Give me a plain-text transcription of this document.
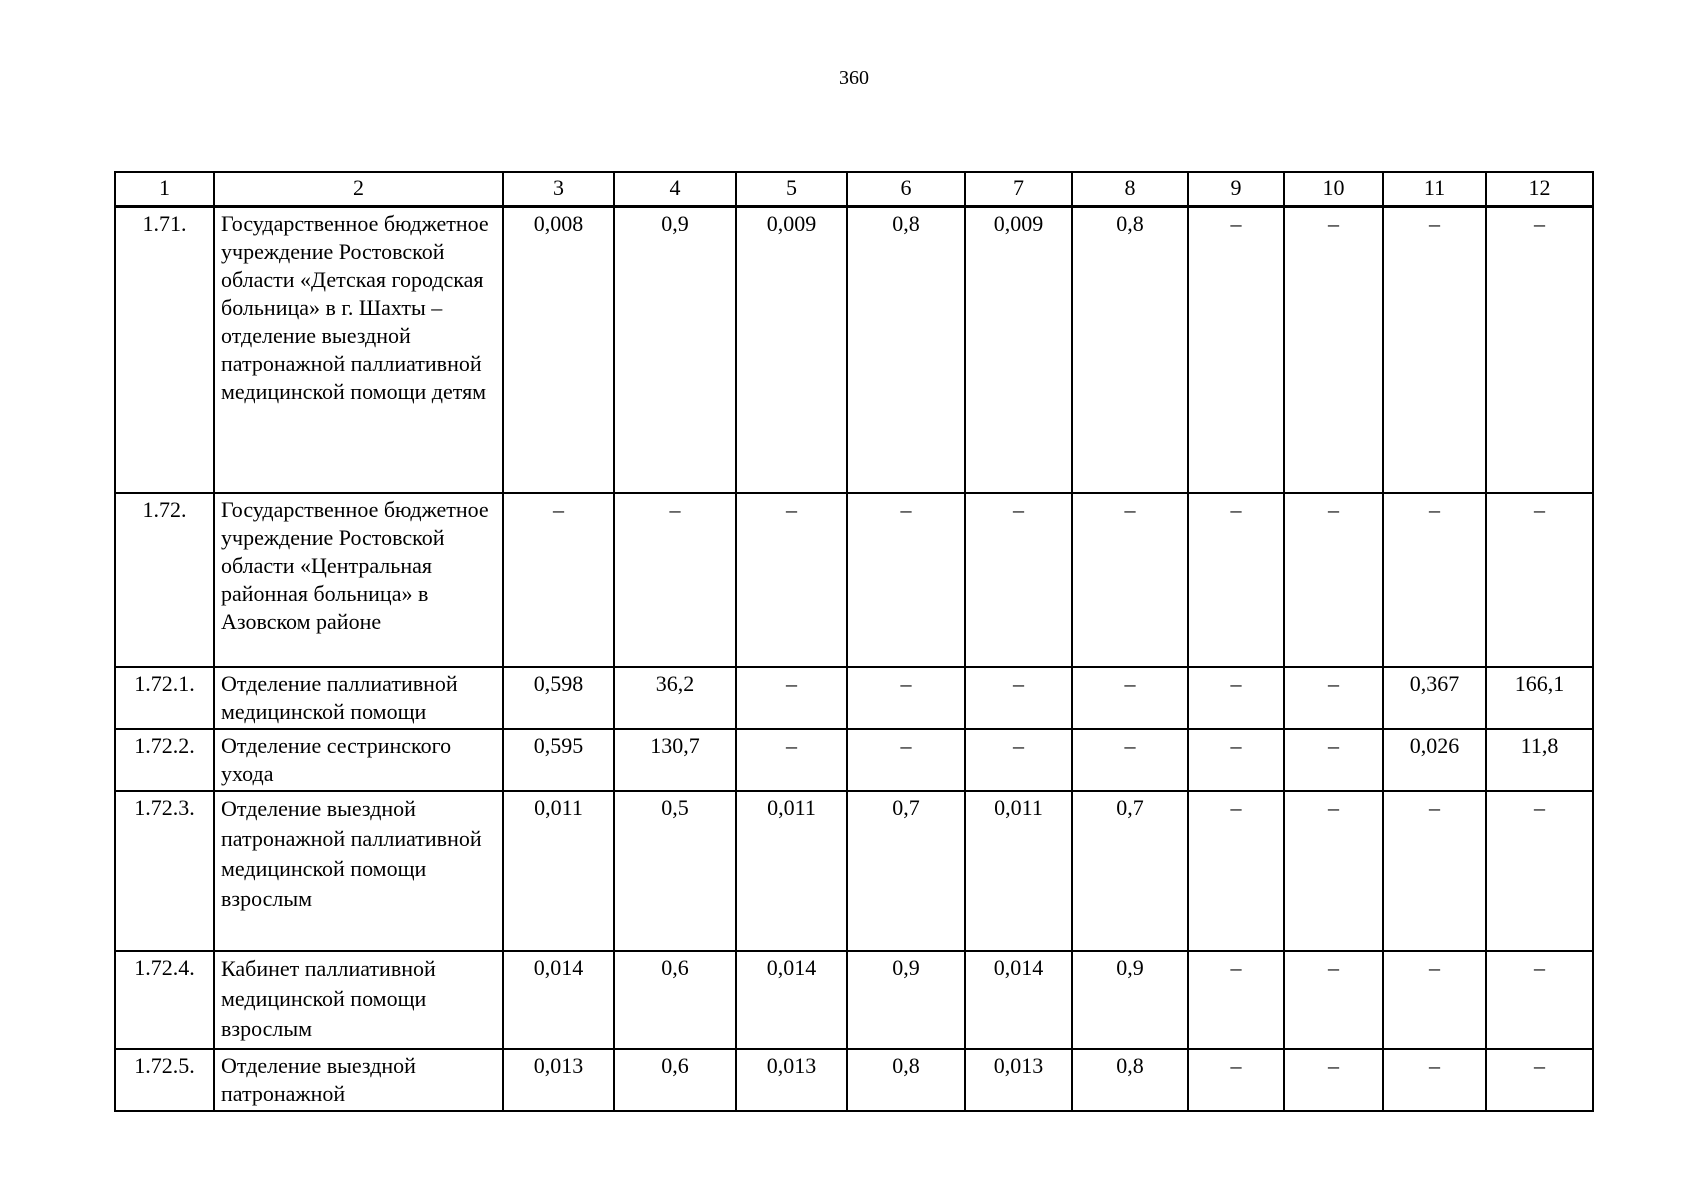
360
1	2	3	4	5	6	7	8	9	10	11	12
1.71.	Государственное бюджетное учреждение Ростовской области «Детская городская больница» в г. Шахты – отделение выездной патронажной паллиативной медицинской помощи детям	0,008	0,9	0,009	0,8	0,009	0,8	–	–	–	–
1.72.	Государственное бюджетное учреждение Ростовской области «Центральная районная больница» в Азовском районе	–	–	–	–	–	–	–	–	–	–
1.72.1.	Отделение паллиативной медицинской помощи	0,598	36,2	–	–	–	–	–	–	0,367	166,1
1.72.2.	Отделение сестринского ухода	0,595	130,7	–	–	–	–	–	–	0,026	11,8
1.72.3.	Отделение выездной патронажной паллиативной медицинской помощи взрослым	0,011	0,5	0,011	0,7	0,011	0,7	–	–	–	–
1.72.4.	Кабинет паллиативной медицинской помощи взрослым	0,014	0,6	0,014	0,9	0,014	0,9	–	–	–	–
1.72.5.	Отделение выездной патронажной	0,013	0,6	0,013	0,8	0,013	0,8	–	–	–	–
